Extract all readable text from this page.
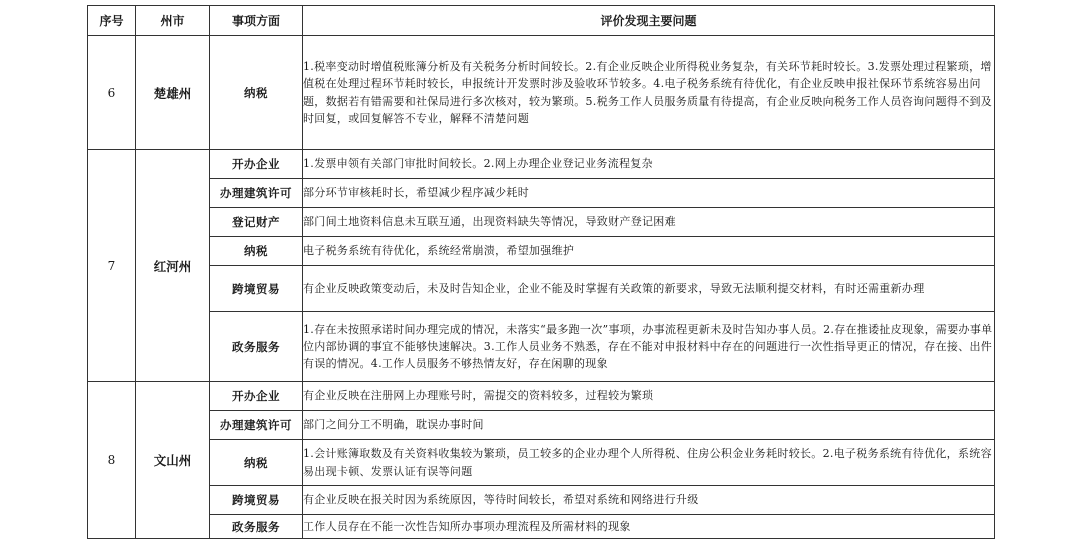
序号	州市	事项方面	评价发现主要问题
6	楚雄州	纳税	1.税率变动时增值税账簿分析及有关税务分析时间较长。2.有企业反映企业所得税业务复杂，有关环节耗时较长。3.发票处理过程繁琐，增值税在处理过程环节耗时较长，申报统计开发票时涉及验收环节较多。4.电子税务系统有待优化，有企业反映申报社保环节系统容易出问题，数据若有错需要和社保局进行多次核对，较为繁琐。5.税务工作人员服务质量有待提高，有企业反映向税务工作人员咨询问题得不到及时回复，或回复解答不专业，解释不清楚问题
7	红河州	开办企业	1.发票申领有关部门审批时间较长。2.网上办理企业登记业务流程复杂
		办理建筑许可	部分环节审核耗时长，希望减少程序减少耗时
		登记财产	部门间土地资料信息未互联互通，出现资料缺失等情况，导致财产登记困难
		纳税	电子税务系统有待优化，系统经常崩溃，希望加强维护
		跨境贸易	有企业反映政策变动后，未及时告知企业，企业不能及时掌握有关政策的新要求，导致无法顺利提交材料，有时还需重新办理
		政务服务	1.存在未按照承诺时间办理完成的情况，未落实“最多跑一次”事项，办事流程更新未及时告知办事人员。2.存在推诿扯皮现象，需要办事单位内部协调的事宜不能够快速解决。3.工作人员业务不熟悉，存在不能对申报材料中存在的问题进行一次性指导更正的情况，存在接、出件有误的情况。4.工作人员服务不够热情友好，存在闲聊的现象
8	文山州	开办企业	有企业反映在注册网上办理账号时，需提交的资料较多，过程较为繁琐
		办理建筑许可	部门之间分工不明确，耽误办事时间
		纳税	1.会计账簿取数及有关资料收集较为繁琐，员工较多的企业办理个人所得税、住房公积金业务耗时较长。2.电子税务系统有待优化，系统容易出现卡顿、发票认证有误等问题
		跨境贸易	有企业反映在报关时因为系统原因，等待时间较长，希望对系统和网络进行升级
		政务服务	工作人员存在不能一次性告知所办事项办理流程及所需材料的现象
